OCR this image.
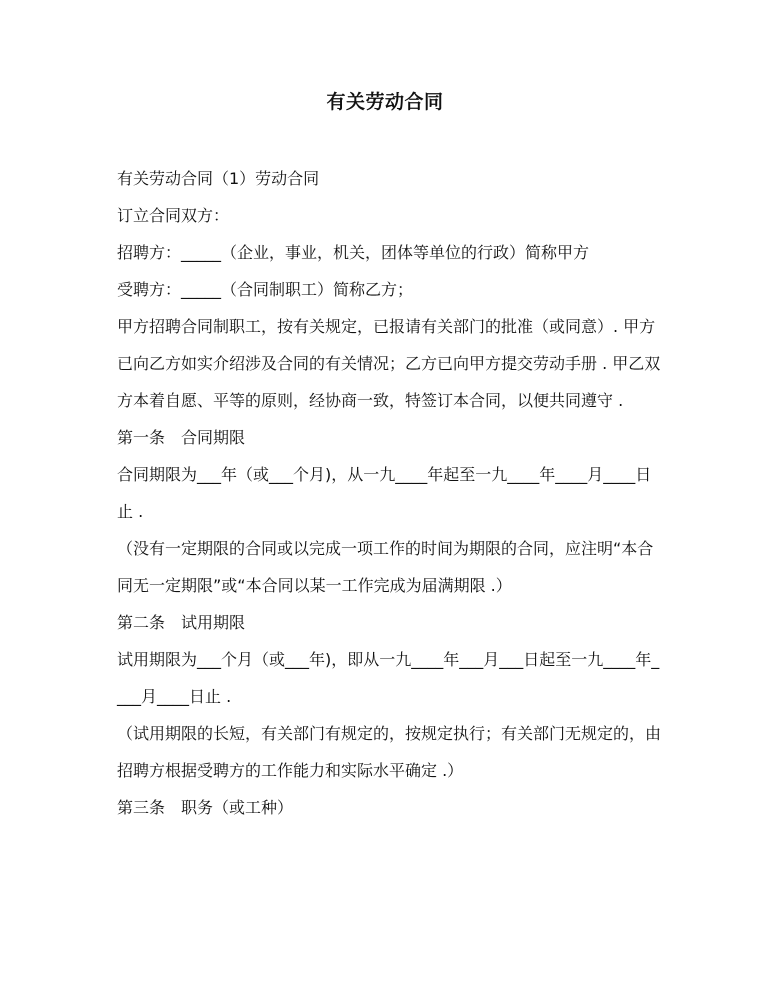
有关劳动合同

有关劳动合同（1）劳动合同

订立合同双方：

招聘方：_____（企业，事业，机关，团体等单位的行政）简称甲方

受聘方：_____（合同制职工）简称乙方；

甲方招聘合同制职工，按有关规定，已报请有关部门的批准（或同意）. 甲方已向乙方如实介绍涉及合同的有关情况；乙方已向甲方提交劳动手册 . 甲乙双方本着自愿、平等的原则，经协商一致，特签订本合同，以便共同遵守 .

第一条　合同期限

合同期限为___年（或___个月)，从一九____年起至一九____年____月____日止 .

（没有一定期限的合同或以完成一项工作的时间为期限的合同，应注明“本合同无一定期限”或“本合同以某一工作完成为届满期限 .）

第二条　试用期限

试用期限为___个月（或___年)，即从一九____年___月___日起至一九____年____月____日止 .

（试用期限的长短，有关部门有规定的，按规定执行；有关部门无规定的，由招聘方根据受聘方的工作能力和实际水平确定 .）

第三条　职务（或工种）
